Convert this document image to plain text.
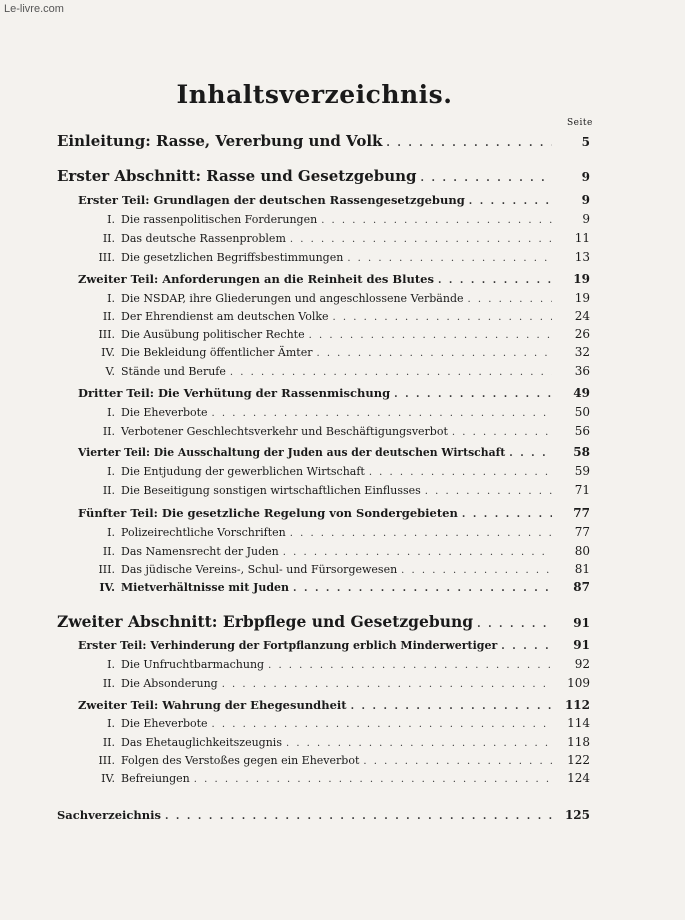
Le-livre.com
Inhaltsverzeichnis.
Seite
Einleitung: Rasse, Vererbung und Volk . . .	5
Erster Abschnitt: Rasse und Gesetzgebung . . .	9
Erster Teil: Grundlagen der deutschen Rassengesetzgebung . . .	9
I. Die rassenpolitischen Forderungen . . .	9
II. Das deutsche Rassenproblem . . .	11
III. Die gesetzlichen Begriffsbestimmungen . . .	13
Zweiter Teil: Anforderungen an die Reinheit des Blutes . . .	19
I. Die NSDAP, ihre Gliederungen und angeschlossene Verbände . . .	19
II. Der Ehrendienst am deutschen Volke . . .	24
III. Die Ausübung politischer Rechte . . .	26
IV. Die Bekleidung öffentlicher Ämter . . .	32
V. Stände und Berufe . . .	36
Dritter Teil: Die Verhütung der Rassenmischung . . .	49
I. Die Eheverbote . . .	50
II. Verbotener Geschlechtsverkehr und Beschäftigungsverbot . . .	56
Vierter Teil: Die Ausschaltung der Juden aus der deutschen Wirtschaft . . .	58
I. Die Entjudung der gewerblichen Wirtschaft . . .	59
II. Die Beseitigung sonstigen wirtschaftlichen Einflusses . . .	71
Fünfter Teil: Die gesetzliche Regelung von Sondergebieten . . .	77
I. Polizeirechtliche Vorschriften . . .	77
II. Das Namensrecht der Juden . . .	80
III. Das jüdische Vereins-, Schul- und Fürsorgewesen . . .	81
IV. Mietverhältnisse mit Juden . . .	87
Zweiter Abschnitt: Erbpflege und Gesetzgebung . . .	91
Erster Teil: Verhinderung der Fortpflanzung erblich Minderwertiger . . .	91
I. Die Unfruchtbarmachung . . .	92
II. Die Absonderung . . .	109
Zweiter Teil: Wahrung der Ehegesundheit . . .	112
I. Die Eheverbote . . .	114
II. Das Ehetauglichkeitszeugnis . . .	118
III. Folgen des Verstoßes gegen ein Eheverbot . . .	122
IV. Befreiungen . . .	124
Sachverzeichnis . . .	125
